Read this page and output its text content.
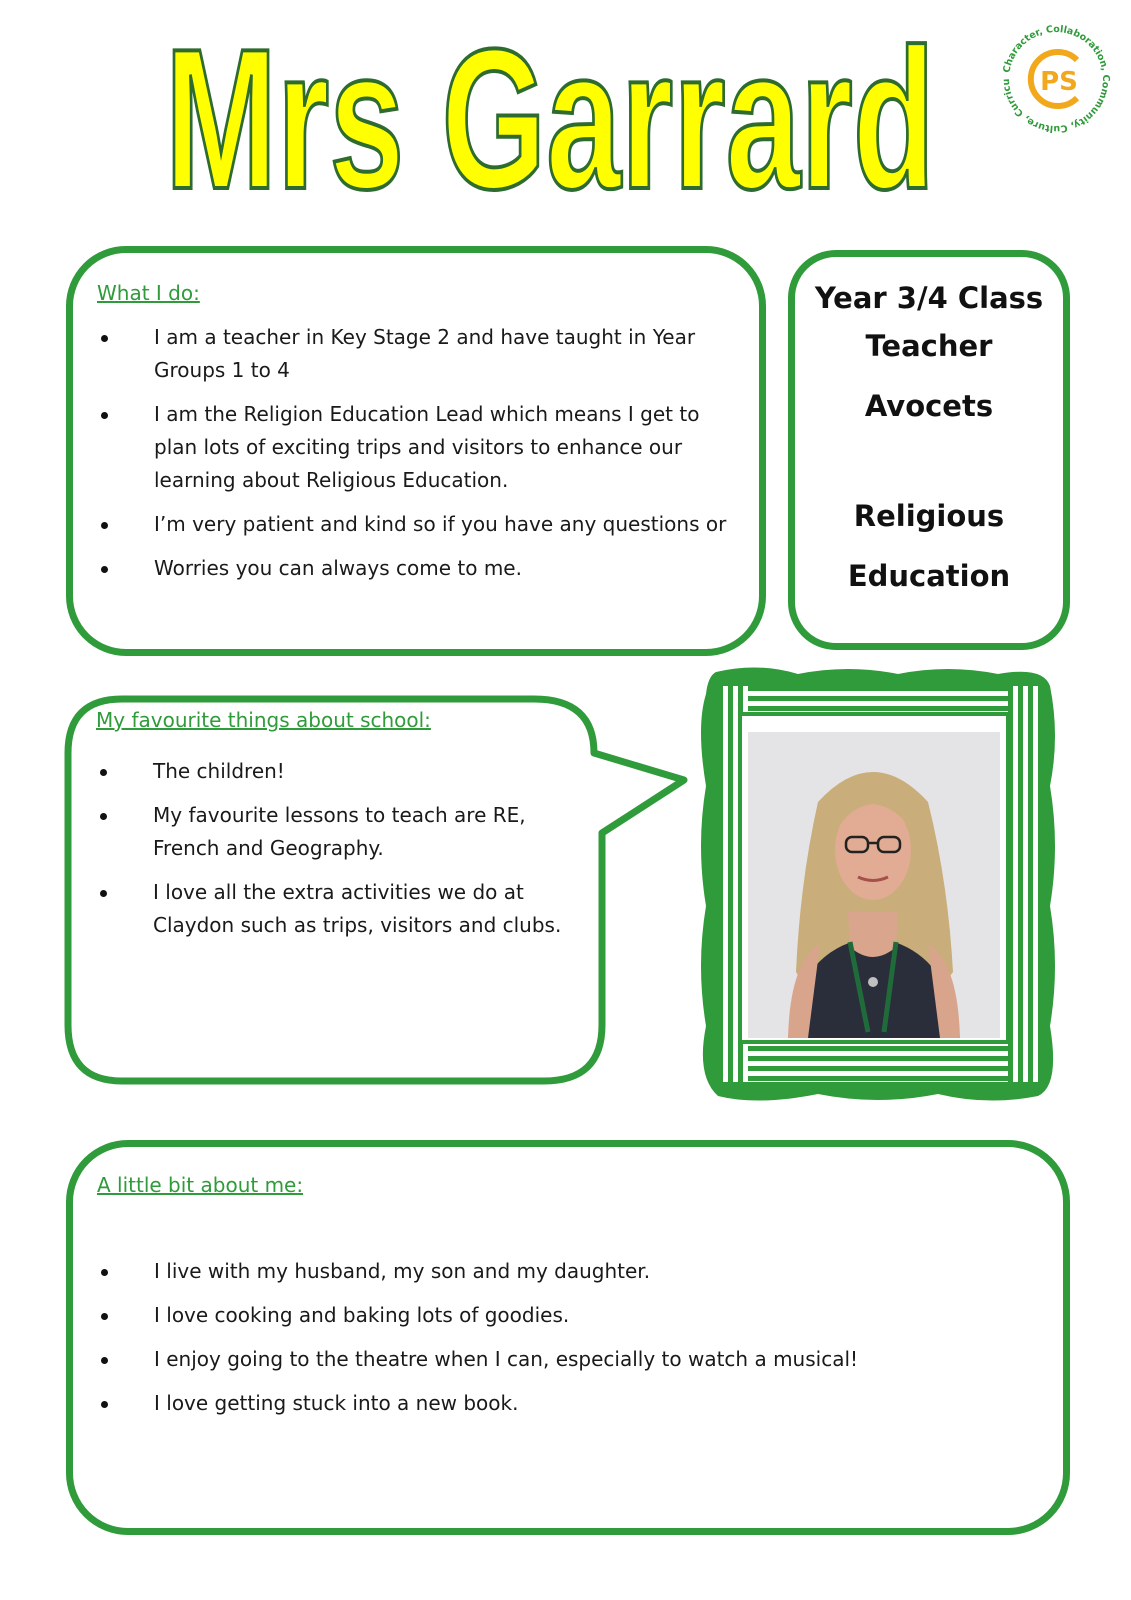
Mrs Garrard	Character, Collaboration, Community, Culture, Curricu	PS
What I do:
I am a teacher in Key Stage 2 and have taught in Year Groups 1 to 4
I am the Religion Education Lead which means I get to plan lots of exciting trips and visitors to enhance our learning about Religious Education.
I’m very patient and kind so if you have any questions or
Worries you can always come to me.
Year 3/4 Class
Teacher
Avocets
Religious
Education
My favourite things about school:
The children!
My favourite lessons to teach are RE, French and Geography.
I love all the extra activities we do at Claydon such as trips, visitors and clubs.
A little bit about me:
I live with my husband, my son and my daughter.
I love cooking and baking lots of goodies.
I enjoy going to the theatre when I can, especially to watch a musical!
I love getting stuck into a new book.
